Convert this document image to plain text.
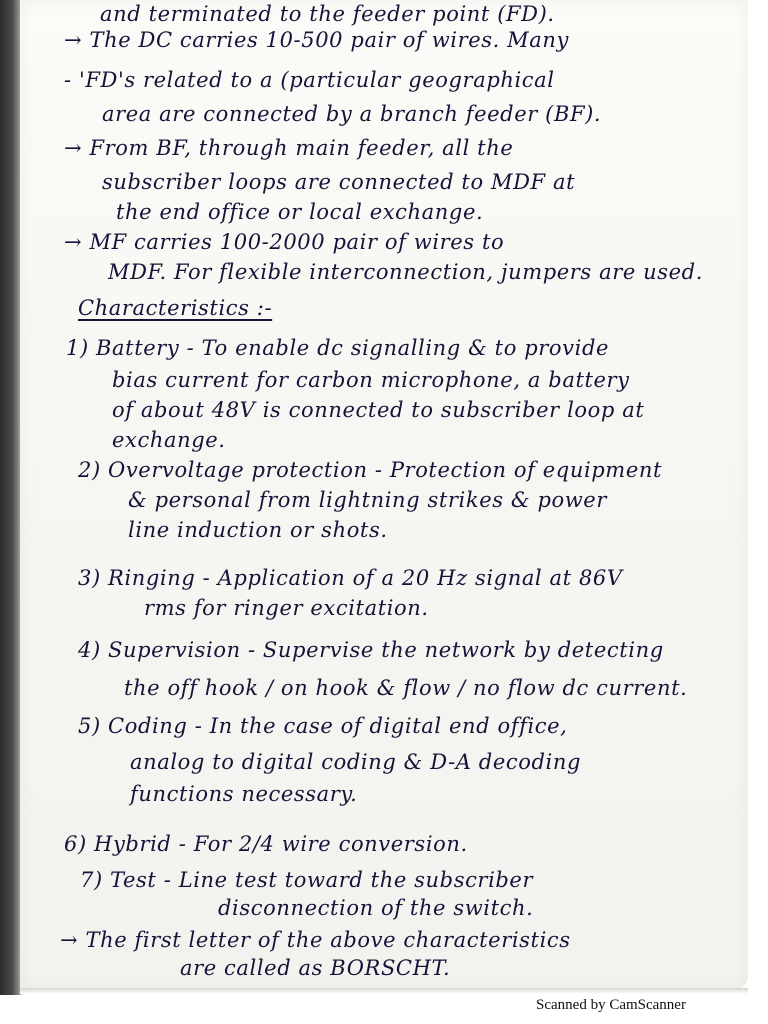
and terminated to the feeder point (FD).
→ The DC carries 10-500 pair of wires. Many
- 'FD's related to a (particular geographical
area are connected by a branch feeder (BF).
→ From BF, through main feeder, all the
subscriber loops are connected to MDF at
the end office or local exchange.
→ MF carries 100-2000 pair of wires to
MDF. For flexible interconnection, jumpers are used.
Characteristics :-
1) Battery - To enable dc signalling & to provide
bias current for carbon microphone, a battery
of about 48V is connected to subscriber loop at
exchange.
2) Overvoltage protection - Protection of equipment
& personal from lightning strikes & power
line induction or shots.
3) Ringing - Application of a 20 Hz signal at 86V
rms for ringer excitation.
4) Supervision - Supervise the network by detecting
the off hook / on hook & flow / no flow dc current.
5) Coding - In the case of digital end office,
analog to digital coding & D-A decoding
functions necessary.
6) Hybrid - For 2/4 wire conversion.
7) Test - Line test toward the subscriber
disconnection of the switch.
→ The first letter of the above characteristics
are called as BORSCHT.
Scanned by CamScanner
